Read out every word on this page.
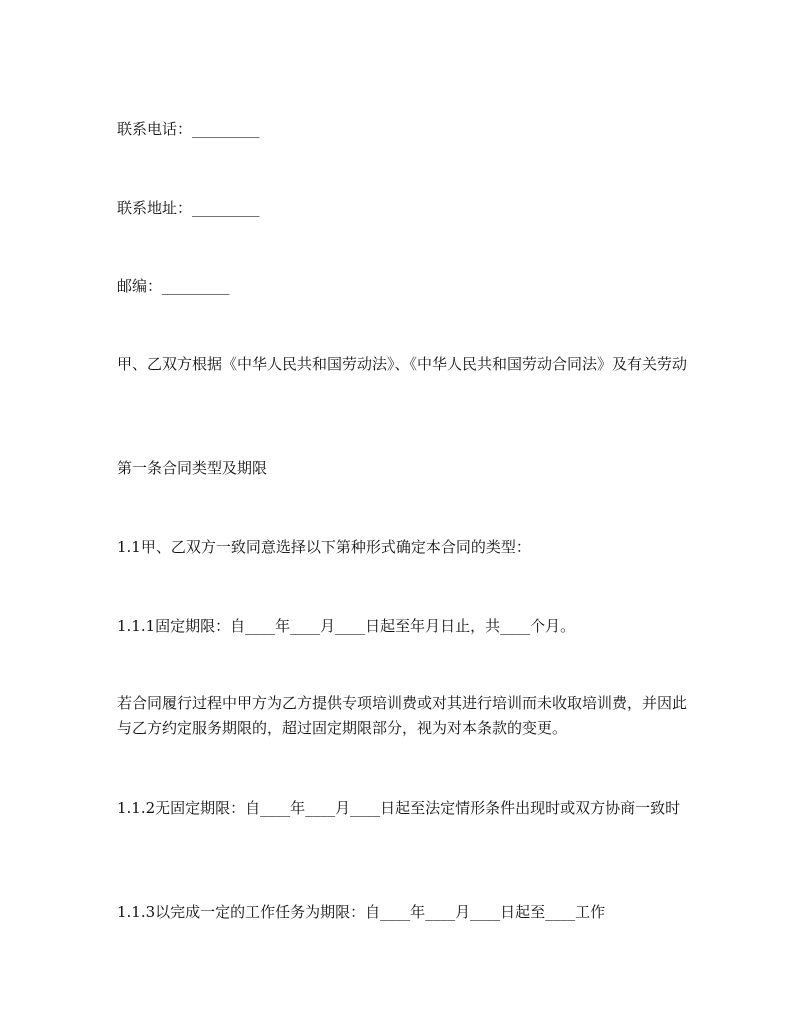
联系电话：_________

联系地址：_________

邮编：_________

甲、乙双方根据《中华人民共和国劳动法》、《中华人民共和国劳动合同法》及有关劳动

第一条合同类型及期限

1.1甲、乙双方一致同意选择以下第种形式确定本合同的类型：

1.1.1固定期限：自____年____月____日起至年月日止，共____个月。

若合同履行过程中甲方为乙方提供专项培训费或对其进行培训而未收取培训费，并因此与乙方约定服务期限的，超过固定期限部分，视为对本条款的变更。

1.1.2无固定期限：自____年____月____日起至法定情形条件出现时或双方协商一致时

1.1.3以完成一定的工作任务为期限：自____年____月____日起至____工作
